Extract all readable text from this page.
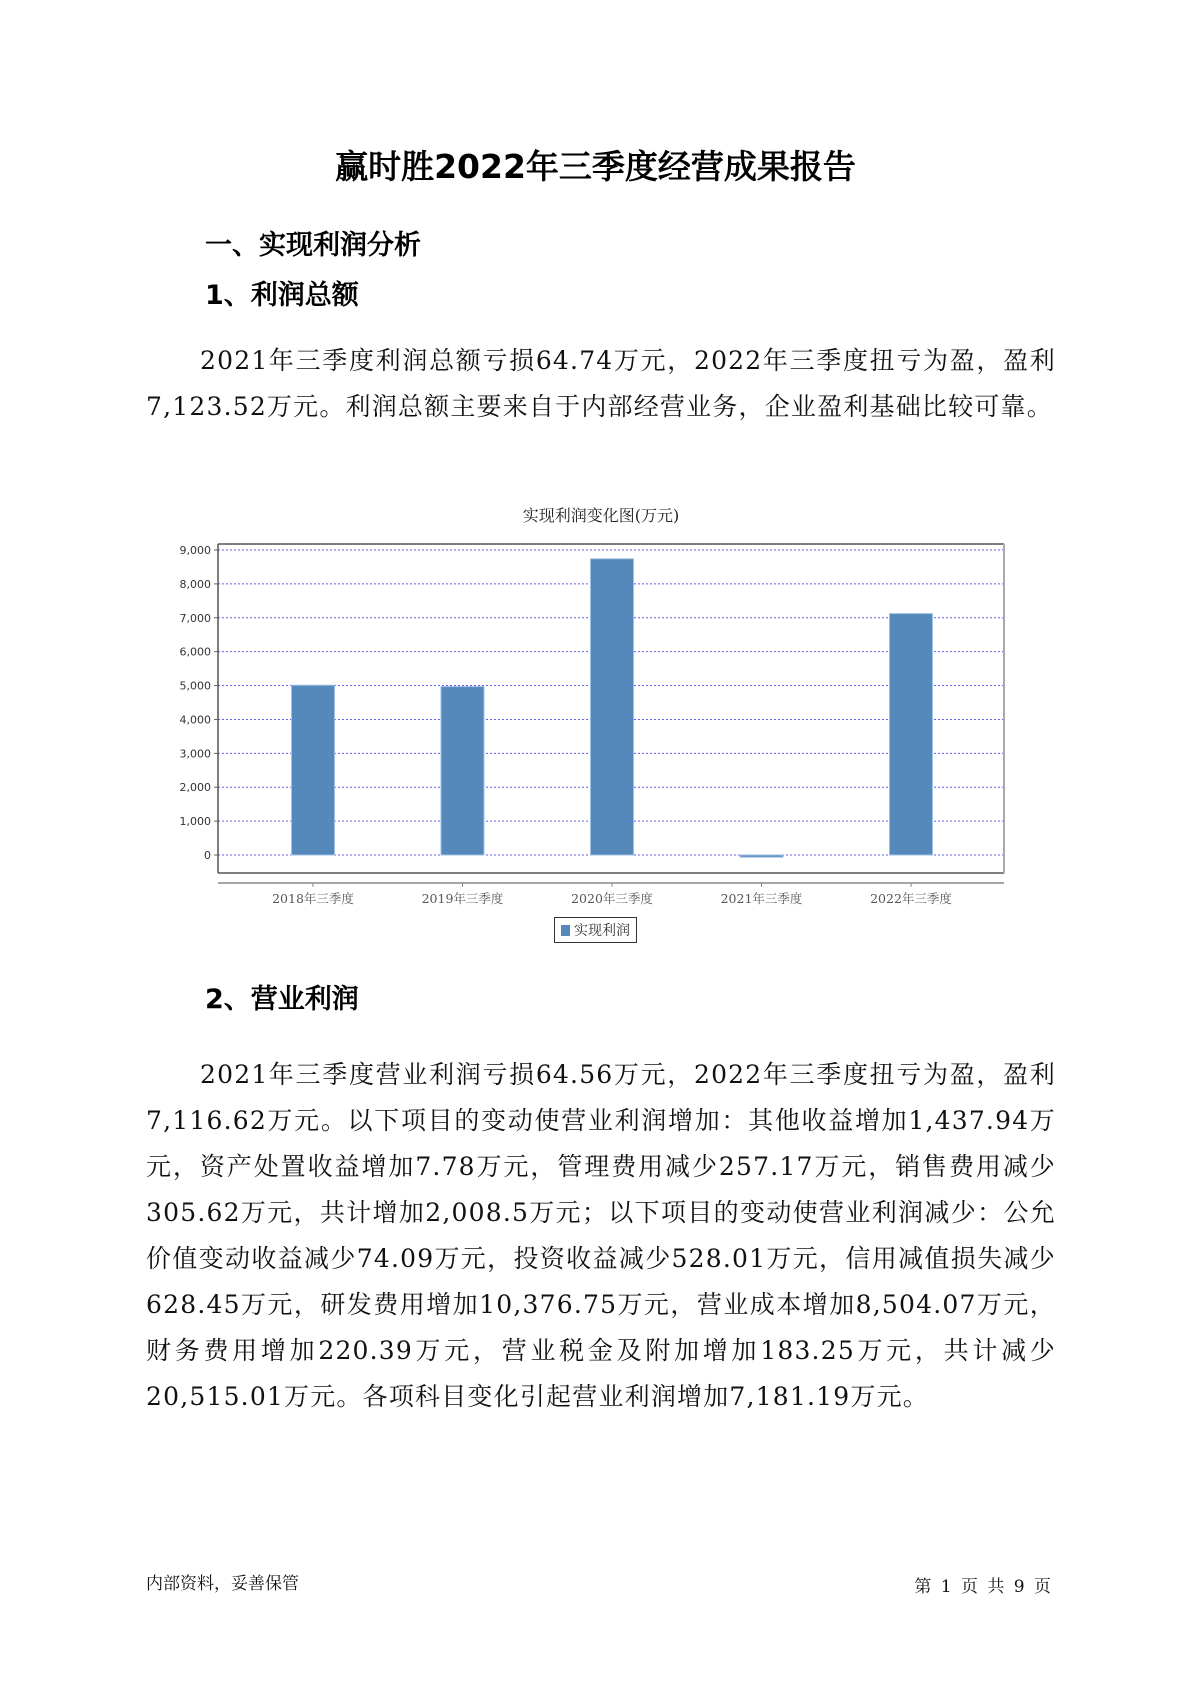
赢时胜2022年三季度经营成果报告
一、实现利润分析
1、利润总额
2021年三季度利润总额亏损64.74万元，2022年三季度扭亏为盈，盈利7,123.52万元。利润总额主要来自于内部经营业务，企业盈利基础比较可靠。
实现利润变化图(万元)
0
1,000
2,000
3,000
4,000
5,000
6,000
7,000
8,000
9,000
2018年三季度	2019年三季度	2020年三季度	2021年三季度	2022年三季度
实现利润
2、营业利润
2021年三季度营业利润亏损64.56万元，2022年三季度扭亏为盈，盈利7,116.62万元。以下项目的变动使营业利润增加：其他收益增加1,437.94万元，资产处置收益增加7.78万元，管理费用减少257.17万元，销售费用减少305.62万元，共计增加2,008.5万元；以下项目的变动使营业利润减少：公允价值变动收益减少74.09万元，投资收益减少528.01万元，信用减值损失减少628.45万元，研发费用增加10,376.75万元，营业成本增加8,504.07万元，财务费用增加220.39万元，营业税金及附加增加183.25万元，共计减少20,515.01万元。各项科目变化引起营业利润增加7,181.19万元。
内部资料，妥善保管	第 1 页 共 9 页
